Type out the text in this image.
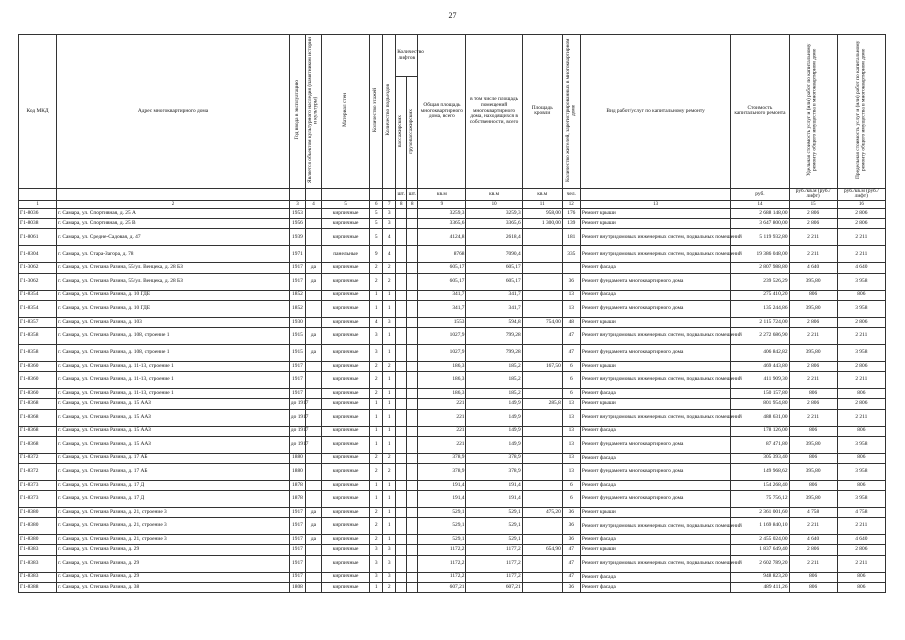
27
Код МКД	Адрес многоквартирного дома	Год ввода в эксплуатацию	Является объектом культурного наследия (памятником истории и культуры)	Материал стен	Количество этажей	Количество подъездов	Количество лифтов		Общая площадь многоквартирного дома, всего	в том числе площадь помещений многоквартирного дома, находящихся в собственности, всего	Площадь кровли	Количество жителей, зарегистрированных в многоквартирном доме	Вид работ/услуг по капитальному ремонту	Стоимость капитального ремонта	Удельная стоимость услуг и (или) работ по капитальному ремонту общего имущества в многоквартирном доме	Предельная стоимость услуг и (или) работ по капитальному ремонту общего имущества в многоквартирном доме
							пассажирских	грузопассажирских								
							шт.	шт.	кв.м	кв.м	кв.м	чел.		руб.	руб./кв.м (руб./лифт)	руб./кв.м (руб./лифт)
1	2	3	4	5	6	7	8	8	9	10	11	12	13	14	15	16
Г1-8036	г. Самара, ул. Спортивная, д. 25 А	1953		кирпичные	5	3			3259,3	3259,3	958,00	176	Ремонт крыши	2 688 148,00	2 806	2 806
Г1-8038	г. Самара, ул. Спортивная, д. 25 В	1956		кирпичные	5	3			3365,6	3365,6	1 300,00	139	Ремонт крыши	3 647 800,00	2 806	2 806
Г1-8061	г. Самара, ул. Средне-Садовая, д. 47	1939		кирпичные	5	4			4124,8	2618,4		181	Ремонт внутридомовых инженерных систем, подвальных помещений	5 119 932,80	2 211	2 211
Г1-8304	г. Самара, ул. Стара-Загора, д. 78	1971		панельные	9	4			8768	7090,4		335	Ремонт внутридомовых инженерных систем, подвальных помещений	19 386 048,00	2 211	2 211
Г1-3062	г. Самара, ул. Степана Разина, 55/ул. Венцека, д. 28 БЗ	1917	да	кирпичные	2	2			605,17	605,17			Ремонт фасада	2 807 988,80	4 640	4 640
Г1-3062	г. Самара, ул. Степана Разина, 55/ул. Венцека, д. 28 БЗ	1917	да	кирпичные	2	2			605,17	605,17		36	Ремонт фундамента многоквартирного дома	239 526,29	395,80	3 958
Г1-8354	г. Самара, ул. Степана Разина, д. 10 ГДЕ	1852		кирпичные	1	1			341,7	341,7		13	Ремонт фасада	275 410,20	806	806
Г1-8354	г. Самара, ул. Степана Разина, д. 10 ГДЕ	1852		кирпичные	1	1			341,7	341,7		13	Ремонт фундамента многоквартирного дома	135 244,86	395,80	3 958
Г1-8357	г. Самара, ул. Степана Разина, д. 103	1930		кирпичные	4	3			1553	594,8	754,00	48	Ремонт крыши	2 115 724,00	2 806	2 806
Г1-8358	г. Самара, ул. Степана Разина, д. 108, строение 1	1915	да	кирпичные	3	1			1027,9	799,28		47	Ремонт внутридомовых инженерных систем, подвальных помещений	2 272 686,90	2 211	2 211
Г1-8358	г. Самара, ул. Степана Разина, д. 108, строение 1	1915	да	кирпичные	3	1			1027,9	799,28		47	Ремонт фундамента многоквартирного дома	406 842,82	395,80	3 958
Г1-8360	г. Самара, ул. Степана Разина, д. 11-13, строение 1	1917		кирпичные	2	2			186,3	185,2	167,50	6	Ремонт крыши	469 443,80	2 806	2 806
Г1-8360	г. Самара, ул. Степана Разина, д. 11-13, строение 1	1917		кирпичные	2	1			186,3	185,2		6	Ремонт внутридомовых инженерных систем, подвальных помещений	411 909,30	2 211	2 211
Г1-8360	г. Самара, ул. Степана Разина, д. 11-13, строение 1	1917		кирпичные	2	1			186,3	185,2		6	Ремонт фасада	150 157,80	806	806
Г1-8368	г. Самара, ул. Степана Разина, д. 15 ААЗ	до 1917		кирпичные	1	1			221	149,9	285,8	13	Ремонт крыши	801 954,80	2 806	2 806
Г1-8368	г. Самара, ул. Степана Разина, д. 15 ААЗ	до 1917		кирпичные	1	1			221	149,9		13	Ремонт внутридомовых инженерных систем, подвальных помещений	488 631,00	2 211	2 211
Г1-8368	г. Самара, ул. Степана Разина, д. 15 ААЗ	до 1917		кирпичные	1	1			221	149,9		13	Ремонт фасада	178 126,00	806	806
Г1-8368	г. Самара, ул. Степана Разина, д. 15 ААЗ	до 1917		кирпичные	1	1			221	149,9		13	Ремонт фундамента многоквартирного дома	87 471,80	395,80	3 958
Г1-8372	г. Самара, ул. Степана Разина, д. 17 АБ	1880		кирпичные	2	2			378,9	378,9		13	Ремонт фасада	305 393,40	806	806
Г1-8372	г. Самара, ул. Степана Разина, д. 17 АБ	1880		кирпичные	2	2			378,9	378,9		13	Ремонт фундамента многоквартирного дома	149 968,62	395,80	3 958
Г1-8373	г. Самара, ул. Степана Разина, д. 17 Д	1878		кирпичные	1	1			191,4	191,4		6	Ремонт фасада	154 268,40	806	806
Г1-8373	г. Самара, ул. Степана Разина, д. 17 Д	1878		кирпичные	1	1			191,4	191,4		6	Ремонт фундамента многоквартирного дома	75 756,12	395,80	3 958
Г1-8380	г. Самара, ул. Степана Разина, д. 21, строение 3	1917	да	кирпичные	2	1			529,1	529,1	475,20	36	Ремонт крыши	2 361 001,60	4 758	4 758
Г1-8380	г. Самара, ул. Степана Разина, д. 21, строение 3	1917	да	кирпичные	2	1			529,1	529,1		36	Ремонт внутридомовых инженерных систем, подвальных помещений	1 169 840,10	2 211	2 211
Г1-8380	г. Самара, ул. Степана Разина, д. 21, строение 3	1917	да	кирпичные	2	1			529,1	529,1		36	Ремонт фасада	2 455 024,00	4 640	4 640
Г1-8383	г. Самара, ул. Степана Разина, д. 29	1917		кирпичные	3	3			1172,2	1177,2	654,90	47	Ремонт крыши	1 837 649,40	2 806	2 806
Г1-8383	г. Самара, ул. Степана Разина, д. 29	1917		кирпичные	3	3			1172,2	1177,2		47	Ремонт внутридомовых инженерных систем, подвальных помещений	2 602 789,20	2 211	2 211
Г1-8383	г. Самара, ул. Степана Разина, д. 29	1917		кирпичные	3	3			1172,2	1177,2		47	Ремонт фасада	948 823,20	806	806
Г1-8388	г. Самара, ул. Степана Разина, д. 38	1808		кирпичные	1	2			607,21	607,21		36	Ремонт фасада	489 411,26	806	806
